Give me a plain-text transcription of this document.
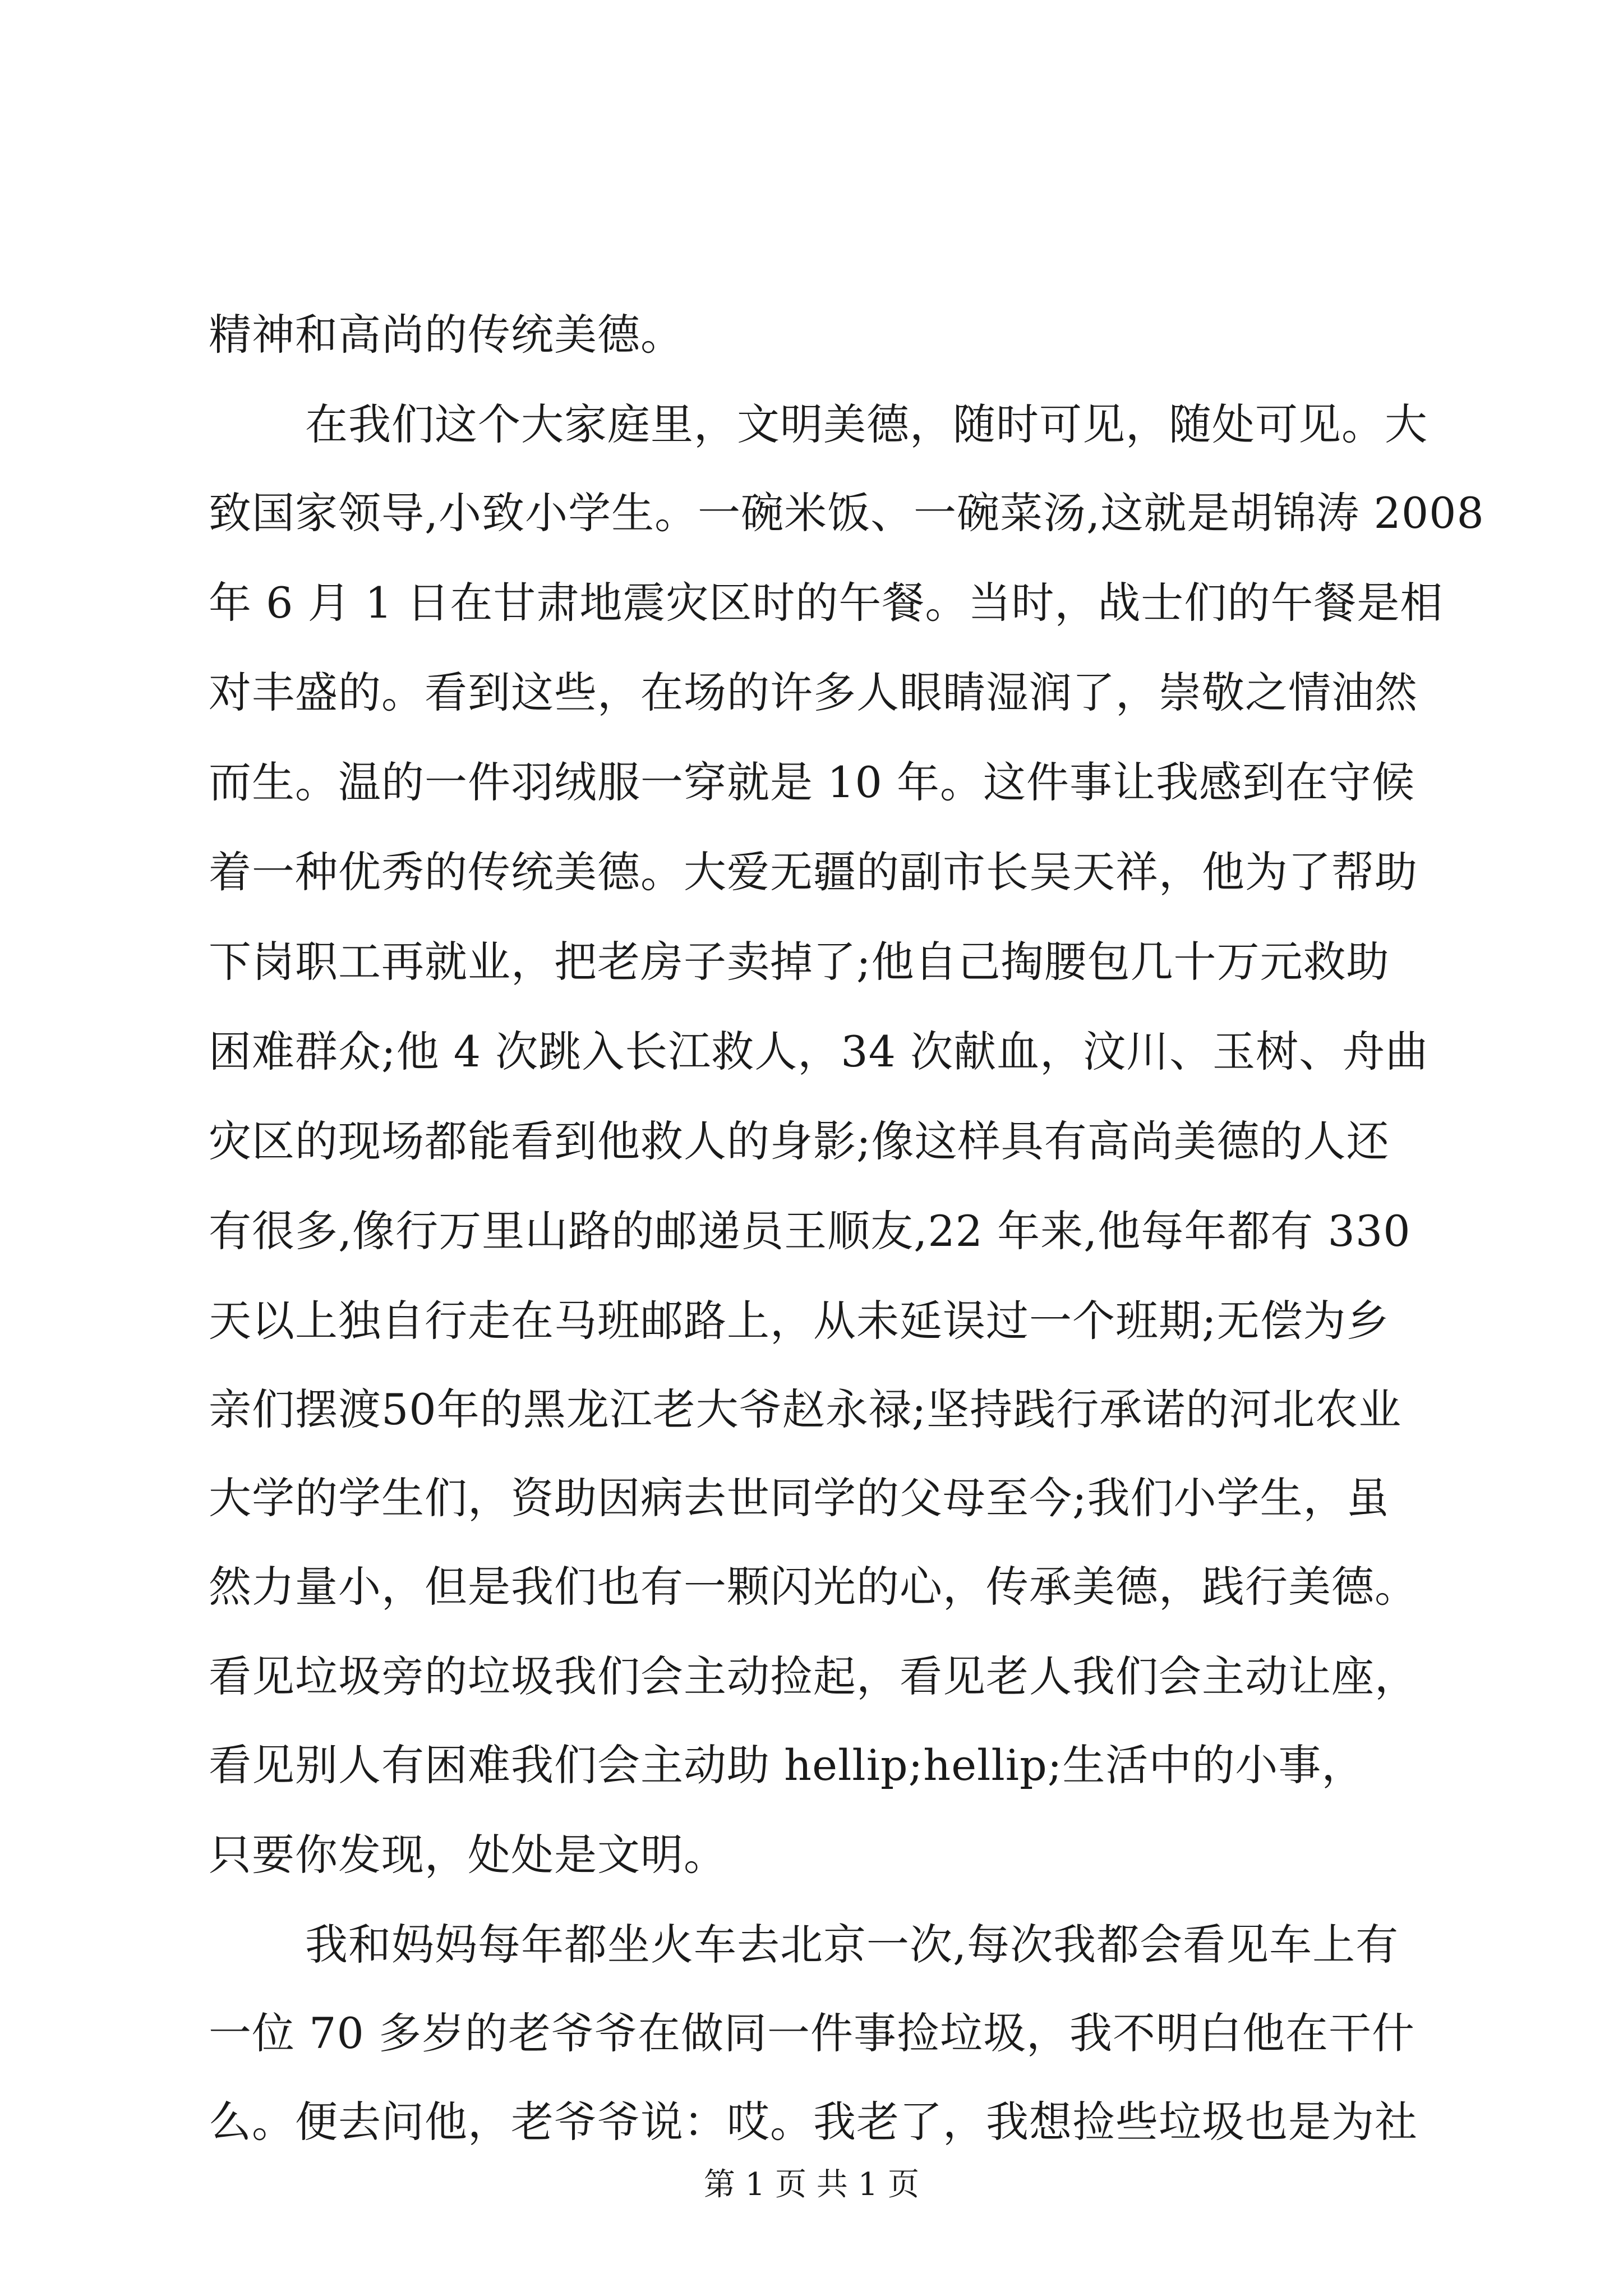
精神和高尚的传统美德。
在我们这个大家庭里，文明美德，随时可见，随处可见。大
致国家领导,小致小学生。一碗米饭、一碗菜汤,这就是胡锦涛 2008
年 6 月 1 日在甘肃地震灾区时的午餐。当时，战士们的午餐是相
对丰盛的。看到这些，在场的许多人眼睛湿润了，崇敬之情油然
而生。温的一件羽绒服一穿就是 10 年。这件事让我感到在守候
着一种优秀的传统美德。大爱无疆的副市长吴天祥，他为了帮助
下岗职工再就业，把老房子卖掉了;他自己掏腰包几十万元救助
困难群众;他 4 次跳入长江救人，34 次献血，汶川、玉树、舟曲
灾区的现场都能看到他救人的身影;像这样具有高尚美德的人还
有很多,像行万里山路的邮递员王顺友,22 年来,他每年都有 330
天以上独自行走在马班邮路上，从未延误过一个班期;无偿为乡
亲们摆渡50年的黑龙江老大爷赵永禄;坚持践行承诺的河北农业
大学的学生们，资助因病去世同学的父母至今;我们小学生，虽
然力量小，但是我们也有一颗闪光的心，传承美德，践行美德。
看见垃圾旁的垃圾我们会主动捡起，看见老人我们会主动让座，
看见别人有困难我们会主动助 hellip;hellip;生活中的小事，
只要你发现，处处是文明。
我和妈妈每年都坐火车去北京一次,每次我都会看见车上有
一位 70 多岁的老爷爷在做同一件事捡垃圾，我不明白他在干什
么。便去问他，老爷爷说：哎。我老了，我想捡些垃圾也是为社
第 1 页 共 1 页
